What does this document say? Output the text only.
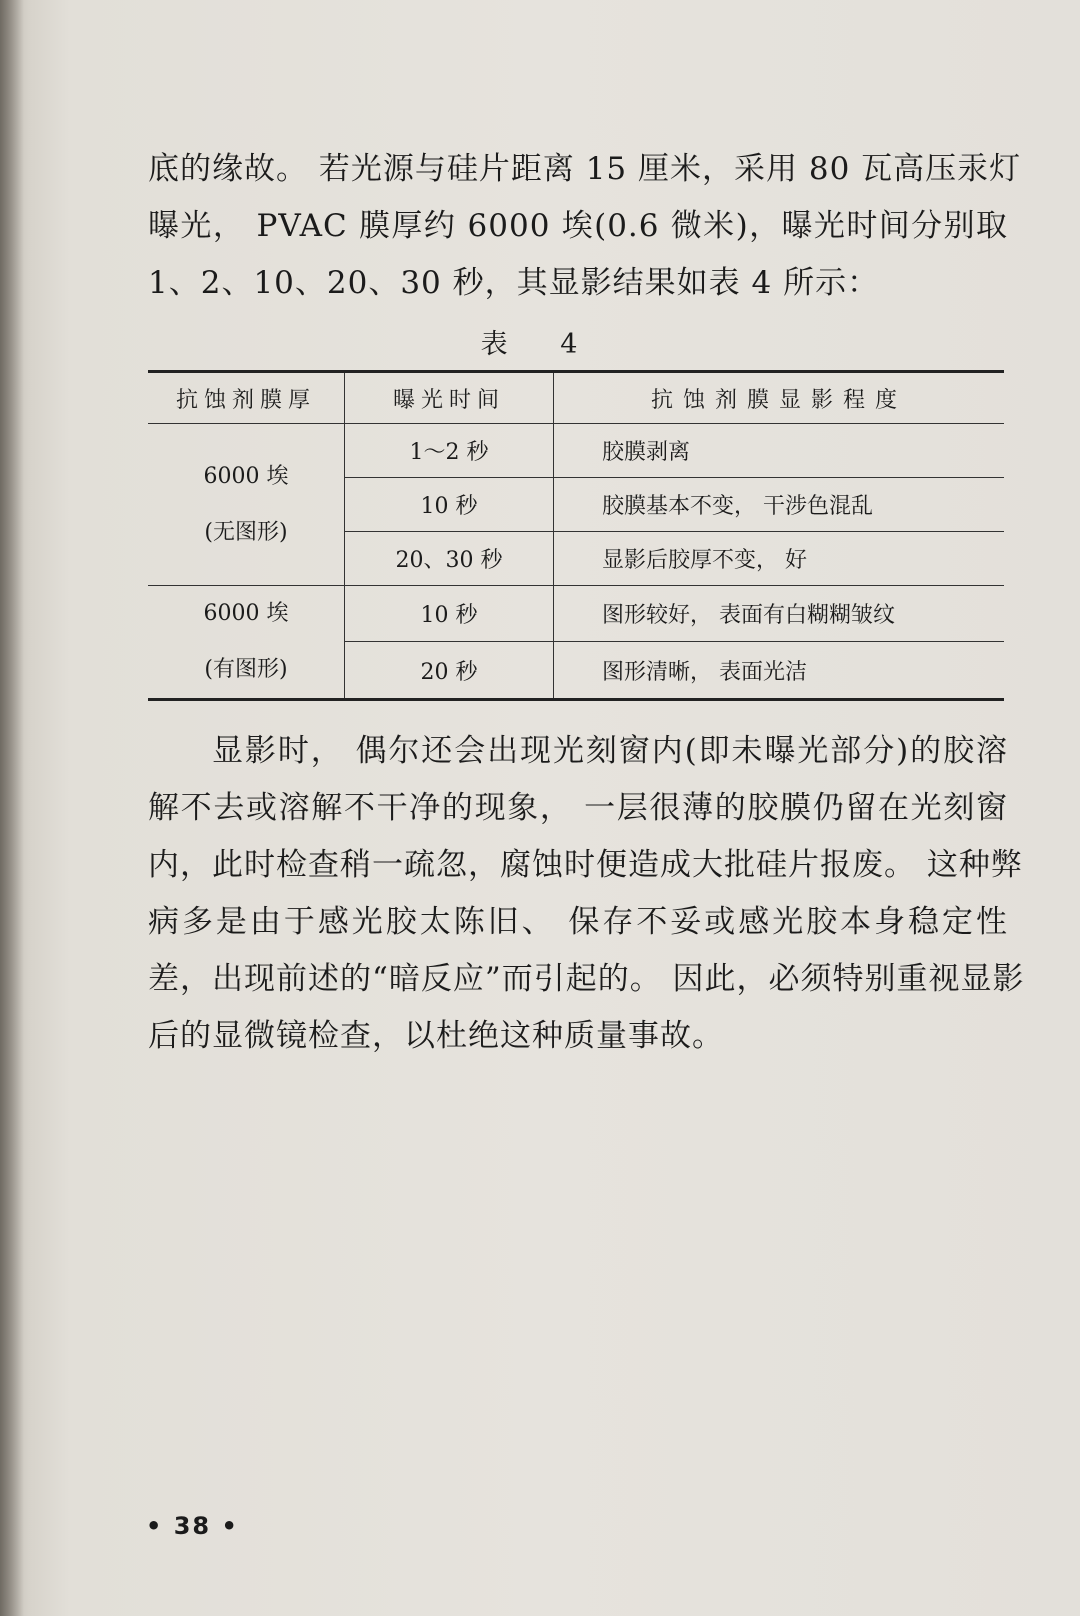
底的缘故。 若光源与硅片距离 15 厘米，采用 80 瓦高压汞灯
曝光， PVAC 膜厚约 6000 埃(0.6 微米)，曝光时间分别取
1、2、10、20、30 秒，其显影结果如表 4 所示：
表 4
抗蚀剂膜厚	曝光时间	抗蚀剂膜显影程度

6000 埃
(无图形)	1～2 秒	胶膜剥离
	10 秒	胶膜基本不变， 干涉色混乱
	20、30 秒	显影后胶厚不变， 好

6000 埃
(有图形)	10 秒	图形较好， 表面有白糊糊皱纹
	20 秒	图形清晰， 表面光洁
显影时， 偶尔还会出现光刻窗内(即未曝光部分)的胶溶
解不去或溶解不干净的现象， 一层很薄的胶膜仍留在光刻窗
内，此时检查稍一疏忽，腐蚀时便造成大批硅片报废。 这种弊
病多是由于感光胶太陈旧、 保存不妥或感光胶本身稳定性
差，出现前述的“暗反应”而引起的。 因此，必须特别重视显影
后的显微镜检查，以杜绝这种质量事故。
• 38 •
